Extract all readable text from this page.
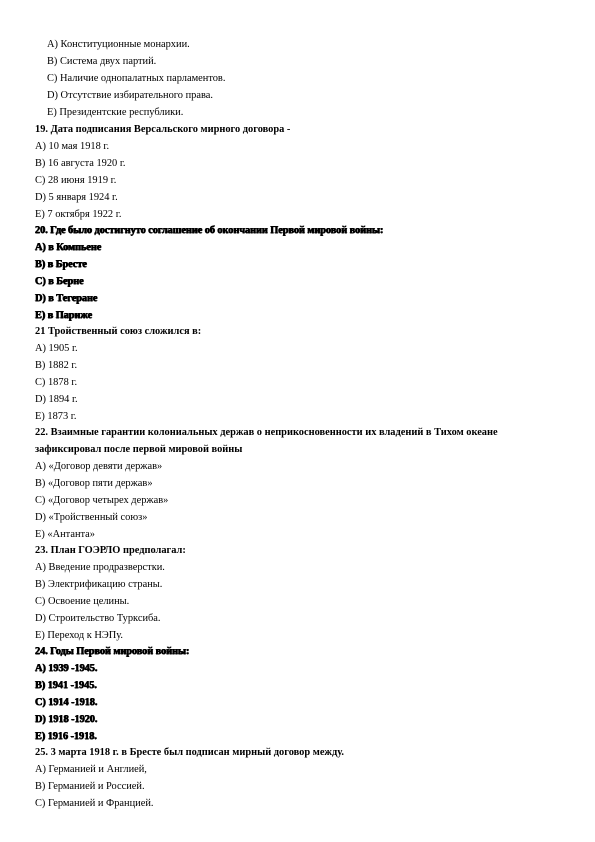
A) Конституционные монархии.
B) Система двух партий.
C) Наличие однопалатных парламентов.
D) Отсутствие избирательного права.
E) Президентские республики.
19. Дата подписания Версальского мирного договора -
A) 10 мая 1918 г.
B) 16 августа 1920 г.
C) 28 июня 1919 г.
D) 5 января 1924 г.
E) 7 октября 1922 г.
20. Где было достигнуто соглашение об окончании Первой мировой войны:
A) в Компьене
B) в Бресте
C) в Берне
D) в Тегеране
E) в Париже
21 Тройственный союз сложился в:
A) 1905 г.
B) 1882 г.
C) 1878 г.
D) 1894 г.
E) 1873 г.
22. Взаимные гарантии колониальных держав о неприкосновенности их владений в Тихом океане
зафиксировал после первой мировой войны
A) «Договор девяти держав»
B) «Договор пяти держав»
C) «Договор четырех держав»
D) «Тройственный союз»
E) «Антанта»
23. План ГОЭРЛО предполагал:
A) Введение продразверстки.
B) Электрификацию страны.
C) Освоение целины.
D) Строительство Турксиба.
E) Переход к НЭПу.
24. Годы Первой мировой войны:
A) 1939 -1945.
B) 1941 -1945.
C) 1914 -1918.
D) 1918 -1920.
E) 1916 -1918.
25. 3 марта 1918 г. в Бресте был подписан мирный договор между.
A) Германией и Англией,
B) Германией и Россией.
C) Германией и Францией.
